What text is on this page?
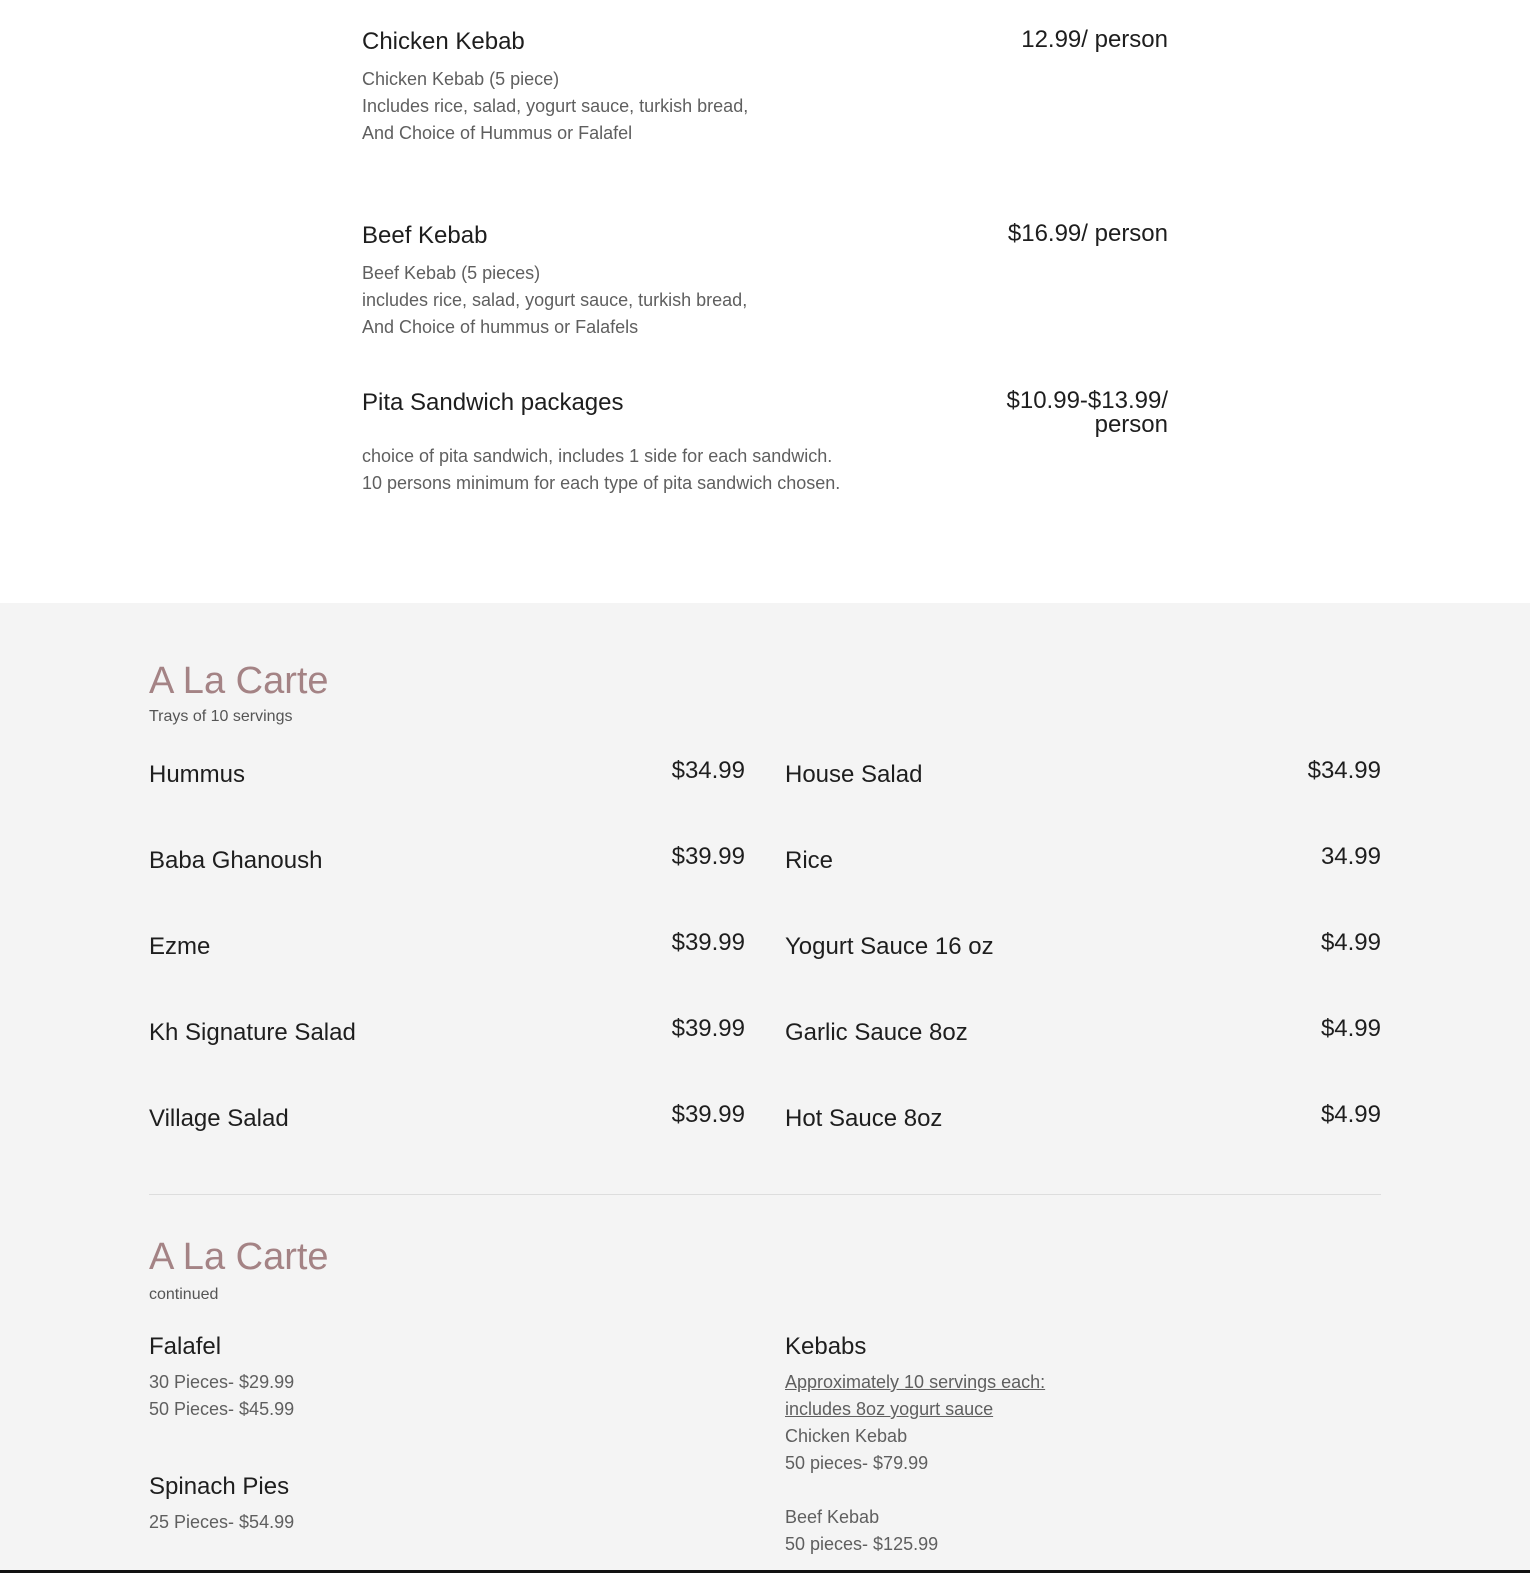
Chicken Kebab	12.99/ person
Chicken Kebab (5 piece)
Includes rice, salad, yogurt sauce, turkish bread,
And Choice of Hummus or Falafel
Beef Kebab	$16.99/ person
Beef Kebab (5 pieces)
includes rice, salad, yogurt sauce, turkish bread,
And Choice of hummus or Falafels
Pita Sandwich packages	$10.99-$13.99/
person
choice of pita sandwich, includes 1 side for each sandwich.
10 persons minimum for each type of pita sandwich chosen.
A La Carte
Trays of 10 servings
Hummus	$34.99
Baba Ghanoush	$39.99
Ezme	$39.99
Kh Signature Salad	$39.99
Village Salad	$39.99
House Salad	$34.99
Rice	34.99
Yogurt Sauce 16 oz	$4.99
Garlic Sauce 8oz	$4.99
Hot Sauce 8oz	$4.99
A La Carte
continued
Falafel
30 Pieces- $29.99
50 Pieces- $45.99
Spinach Pies
25 Pieces- $54.99
Kebabs
Approximately 10 servings each:
includes 8oz yogurt sauce
Chicken Kebab
50 pieces- $79.99
Beef Kebab
50 pieces- $125.99
